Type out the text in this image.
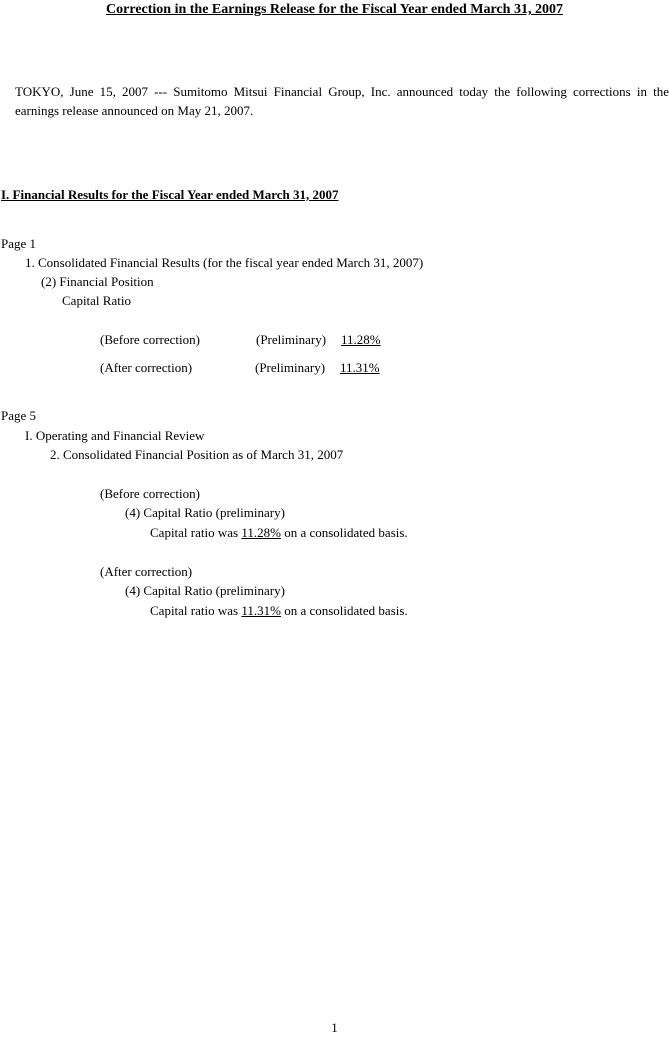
Correction in the Earnings Release for the Fiscal Year ended March 31, 2007
TOKYO, June 15, 2007 --- Sumitomo Mitsui Financial Group, Inc. announced today the following corrections in the earnings release announced on May 21, 2007.
I. Financial Results for the Fiscal Year ended March 31, 2007
Page 1
1. Consolidated Financial Results (for the fiscal year ended March 31, 2007)
(2) Financial Position
Capital Ratio
(Before correction)	(Preliminary) 11.28%
(After correction)	(Preliminary) 11.31%
Page 5
I. Operating and Financial Review
2. Consolidated Financial Position as of March 31, 2007
(Before correction)
(4) Capital Ratio (preliminary)
Capital ratio was 11.28% on a consolidated basis.
(After correction)
(4) Capital Ratio (preliminary)
Capital ratio was 11.31% on a consolidated basis.
1
